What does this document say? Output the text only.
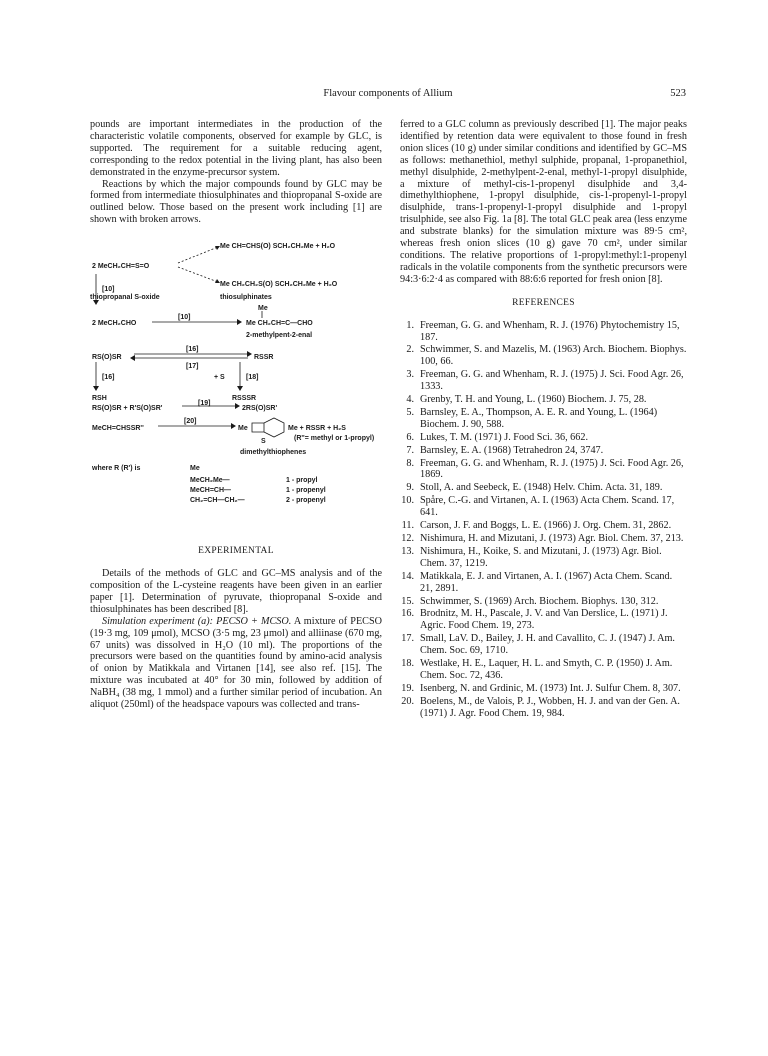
Flavour components of Allium	523

pounds are important intermediates in the production of the characteristic volatile components, observed for example by GLC, is supported. The requirement for a suitable reducing agent, corresponding to the redox potential in the living plant, has also been demonstrated in the enzyme-precursor system.

Reactions by which the major compounds found by GLC may be formed from intermediate thiosulphinates and thiopropanal S-oxide are outlined below. Those based on the present work including [1] are shown with broken arrows.

Me CH=CHS(O) SCH₂CH₂Me + H₂O
2 MeCH₂CH=S=O
Me CH₂CH₂S(O) SCH₂CH₂Me + H₂O
thiopropanal S-oxide	thiosulphinates
[10]
[10]
Me
2 MeCH₂CHO	Me CH₂CH=C—CHO
2-methylpent-2-enal
[16]
RS(O)SR	RSSR
[17]
[16]	+ S	[18]
RSH	RSSSR
[19]
RS(O)SR + R'S(O)SR'	2RS(O)SR'
[20]
MeCH=CHSSR''	Me	Me + RSSR + H₂S
S	(R''= methyl or 1-propyl)
dimethylthiophenes
where R (R') is	Me
MeCH₂Me—	1 - propyl
MeCH=CH—	1 - propenyl
CH₂=CH—CH₂—	2 - propenyl
EXPERIMENTAL

Details of the methods of GLC and GC–MS analysis and of the composition of the L-cysteine reagents have been given in an earlier paper [1]. Determination of pyruvate, thiopropanal S-oxide and thiosulphinates has been described [8].

Simulation experiment (a): PECSO + MCSO. A mixture of PECSO (19·3 mg, 109 μmol), MCSO (3·5 mg, 23 μmol) and alliinase (670 mg, 67 units) was dissolved in H₂O (10 ml). The proportions of the precursors were based on the quantities found by amino-acid analysis of onion by Matikkala and Virtanen [14], see also ref. [15]. The mixture was incubated at 40° for 30 min, followed by addition of NaBH₄ (38 mg, 1 mmol) and a further similar period of incubation. An aliquot (250ml) of the headspace vapours was collected and trans-

ferred to a GLC column as previously described [1]. The major peaks identified by retention data were equivalent to those found in fresh onion slices (10 g) under similar conditions and identified by GC–MS as follows: methanethiol, methyl sulphide, propanal, 1-propanethiol, methyl disulphide, 2-methylpent-2-enal, methyl-1-propyl disulphide, a mixture of methyl-cis-1-propenyl disulphide and 3,4-dimethylthiophene, 1-propyl disulphide, cis-1-propenyl-1-propyl disulphide, trans-1-propenyl-1-propyl disulphide and 1-propyl trisulphide, see also Fig. 1a [8]. The total GLC peak area (less enzyme and substrate blanks) for the simulation mixture was 89·5 cm², whereas fresh onion slices (10 g) gave 70 cm², under similar conditions. The relative proportions of 1-propyl:methyl:1-propenyl radicals in the volatile components from the synthetic precursors were 94:3·6:2·4 as compared with 88:6:6 reported for fresh onion [8].

REFERENCES
1. Freeman, G. G. and Whenham, R. J. (1976) Phytochemistry 15, 187.
2. Schwimmer, S. and Mazelis, M. (1963) Arch. Biochem. Biophys. 100, 66.
3. Freeman, G. G. and Whenham, R. J. (1975) J. Sci. Food Agr. 26, 1333.
4. Grenby, T. H. and Young, L. (1960) Biochem. J. 75, 28.
5. Barnsley, E. A., Thompson, A. E. R. and Young, L. (1964) Biochem. J. 90, 588.
6. Lukes, T. M. (1971) J. Food Sci. 36, 662.
7. Barnsley, E. A. (1968) Tetrahedron 24, 3747.
8. Freeman, G. G. and Whenham, R. J. (1975) J. Sci. Food Agr. 26, 1869.
9. Stoll, A. and Seebeck, E. (1948) Helv. Chim. Acta. 31, 189.
10. Spåre, C.-G. and Virtanen, A. I. (1963) Acta Chem. Scand. 17, 641.
11. Carson, J. F. and Boggs, L. E. (1966) J. Org. Chem. 31, 2862.
12. Nishimura, H. and Mizutani, J. (1973) Agr. Biol. Chem. 37, 213.
13. Nishimura, H., Koike, S. and Mizutani, J. (1973) Agr. Biol. Chem. 37, 1219.
14. Matikkala, E. J. and Virtanen, A. I. (1967) Acta Chem. Scand. 21, 2891.
15. Schwimmer, S. (1969) Arch. Biochem. Biophys. 130, 312.
16. Brodnitz, M. H., Pascale, J. V. and Van Derslice, L. (1971) J. Agric. Food Chem. 19, 273.
17. Small, LaV. D., Bailey, J. H. and Cavallito, C. J. (1947) J. Am. Chem. Soc. 69, 1710.
18. Westlake, H. E., Laquer, H. L. and Smyth, C. P. (1950) J. Am. Chem. Soc. 72, 436.
19. Isenberg, N. and Grdinic, M. (1973) Int. J. Sulfur Chem. 8, 307.
20. Boelens, M., de Valois, P. J., Wobben, H. J. and van der Gen. A. (1971) J. Agr. Food Chem. 19, 984.
